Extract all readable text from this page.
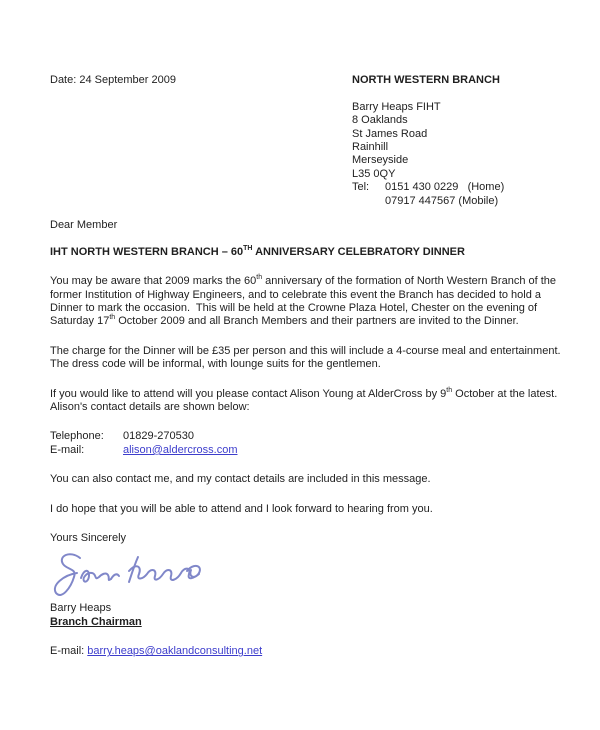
NORTH WESTERN BRANCH
Barry Heaps FIHT
8 Oaklands
St James Road
Rainhill
Merseyside
L35 0QY
Tel: 0151 430 0229   (Home)
07917 447567 (Mobile)
Date: 24 September 2009
Dear Member
IHT NORTH WESTERN BRANCH – 60TH ANNIVERSARY CELEBRATORY DINNER
You may be aware that 2009 marks the 60th anniversary of the formation of North Western Branch of the
former Institution of Highway Engineers, and to celebrate this event the Branch has decided to hold a
Dinner to mark the occasion.  This will be held at the Crowne Plaza Hotel, Chester on the evening of
Saturday 17th October 2009 and all Branch Members and their partners are invited to the Dinner.
The charge for the Dinner will be £35 per person and this will include a 4-course meal and entertainment.
The dress code will be informal, with lounge suits for the gentlemen.
If you would like to attend will you please contact Alison Young at AlderCross by 9th October at the latest.
Alison's contact details are shown below:
Telephone: 01829-270530
E-mail:	alison@aldercross.com
You can also contact me, and my contact details are included in this message.
I do hope that you will be able to attend and I look forward to hearing from you.
Yours Sincerely
Barry Heaps
Branch Chairman
E-mail: barry.heaps@oaklandconsulting.net
